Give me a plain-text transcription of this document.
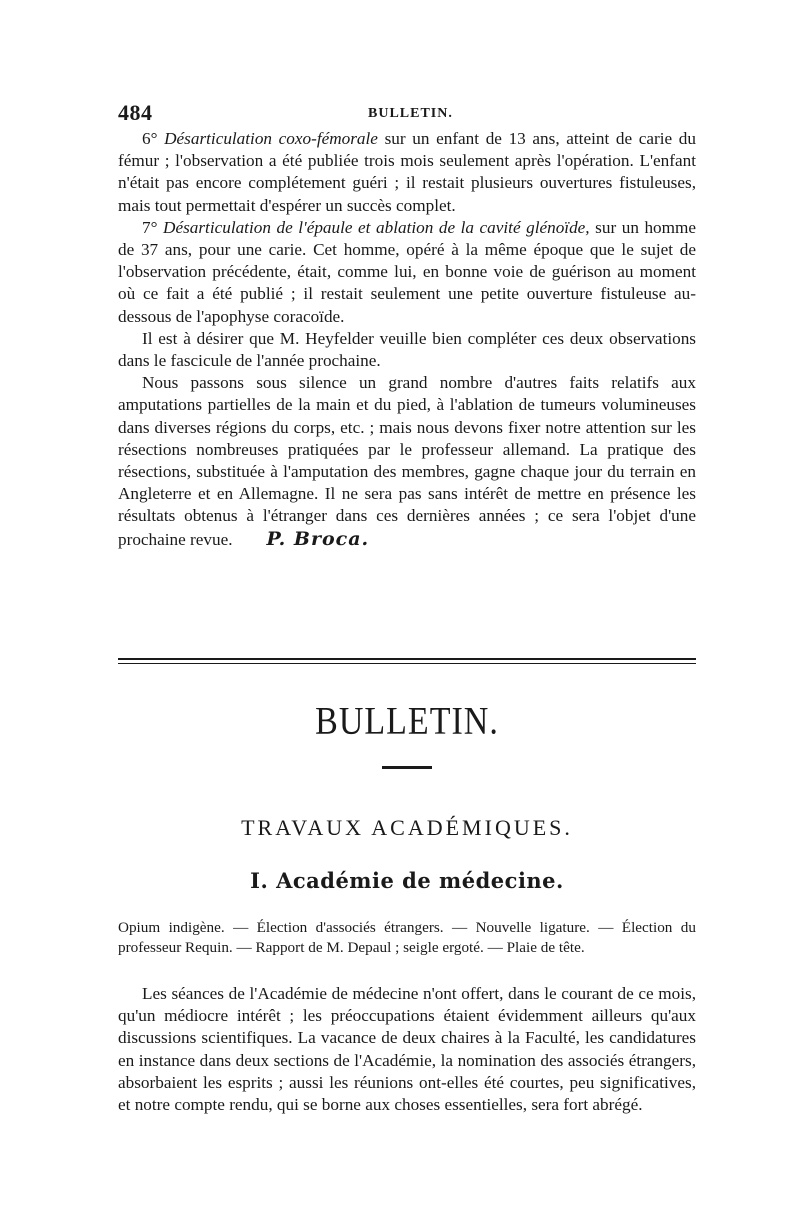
484	BULLETIN.

6° Désarticulation coxo-fémorale sur un enfant de 13 ans, atteint de carie du fémur ; l'observation a été publiée trois mois seulement après l'opération. L'enfant n'était pas encore complétement guéri ; il restait plusieurs ouvertures fistuleuses, mais tout permettait d'espérer un succès complet.

7° Désarticulation de l'épaule et ablation de la cavité glénoïde, sur un homme de 37 ans, pour une carie. Cet homme, opéré à la même époque que le sujet de l'observation précédente, était, comme lui, en bonne voie de guérison au moment où ce fait a été publié ; il restait seulement une petite ouverture fistuleuse au-dessous de l'apophyse coracoïde.

Il est à désirer que M. Heyfelder veuille bien compléter ces deux observations dans le fascicule de l'année prochaine.

Nous passons sous silence un grand nombre d'autres faits relatifs aux amputations partielles de la main et du pied, à l'ablation de tumeurs volumineuses dans diverses régions du corps, etc. ; mais nous devons fixer notre attention sur les résections nombreuses pratiquées par le professeur allemand. La pratique des résections, substituée à l'amputation des membres, gagne chaque jour du terrain en Angleterre et en Allemagne. Il ne sera pas sans intérêt de mettre en présence les résultats obtenus à l'étranger dans ces dernières années ; ce sera l'objet d'une prochaine revue. P. Broca.

BULLETIN.
TRAVAUX ACADÉMIQUES.
I. Académie de médecine.

Opium indigène. — Élection d'associés étrangers. — Nouvelle ligature. — Élection du professeur Requin. — Rapport de M. Depaul ; seigle ergoté. — Plaie de tête.

Les séances de l'Académie de médecine n'ont offert, dans le courant de ce mois, qu'un médiocre intérêt ; les préoccupations étaient évidemment ailleurs qu'aux discussions scientifiques. La vacance de deux chaires à la Faculté, les candidatures en instance dans deux sections de l'Académie, la nomination des associés étrangers, absorbaient les esprits ; aussi les réunions ont-elles été courtes, peu significatives, et notre compte rendu, qui se borne aux choses essentielles, sera fort abrégé.
